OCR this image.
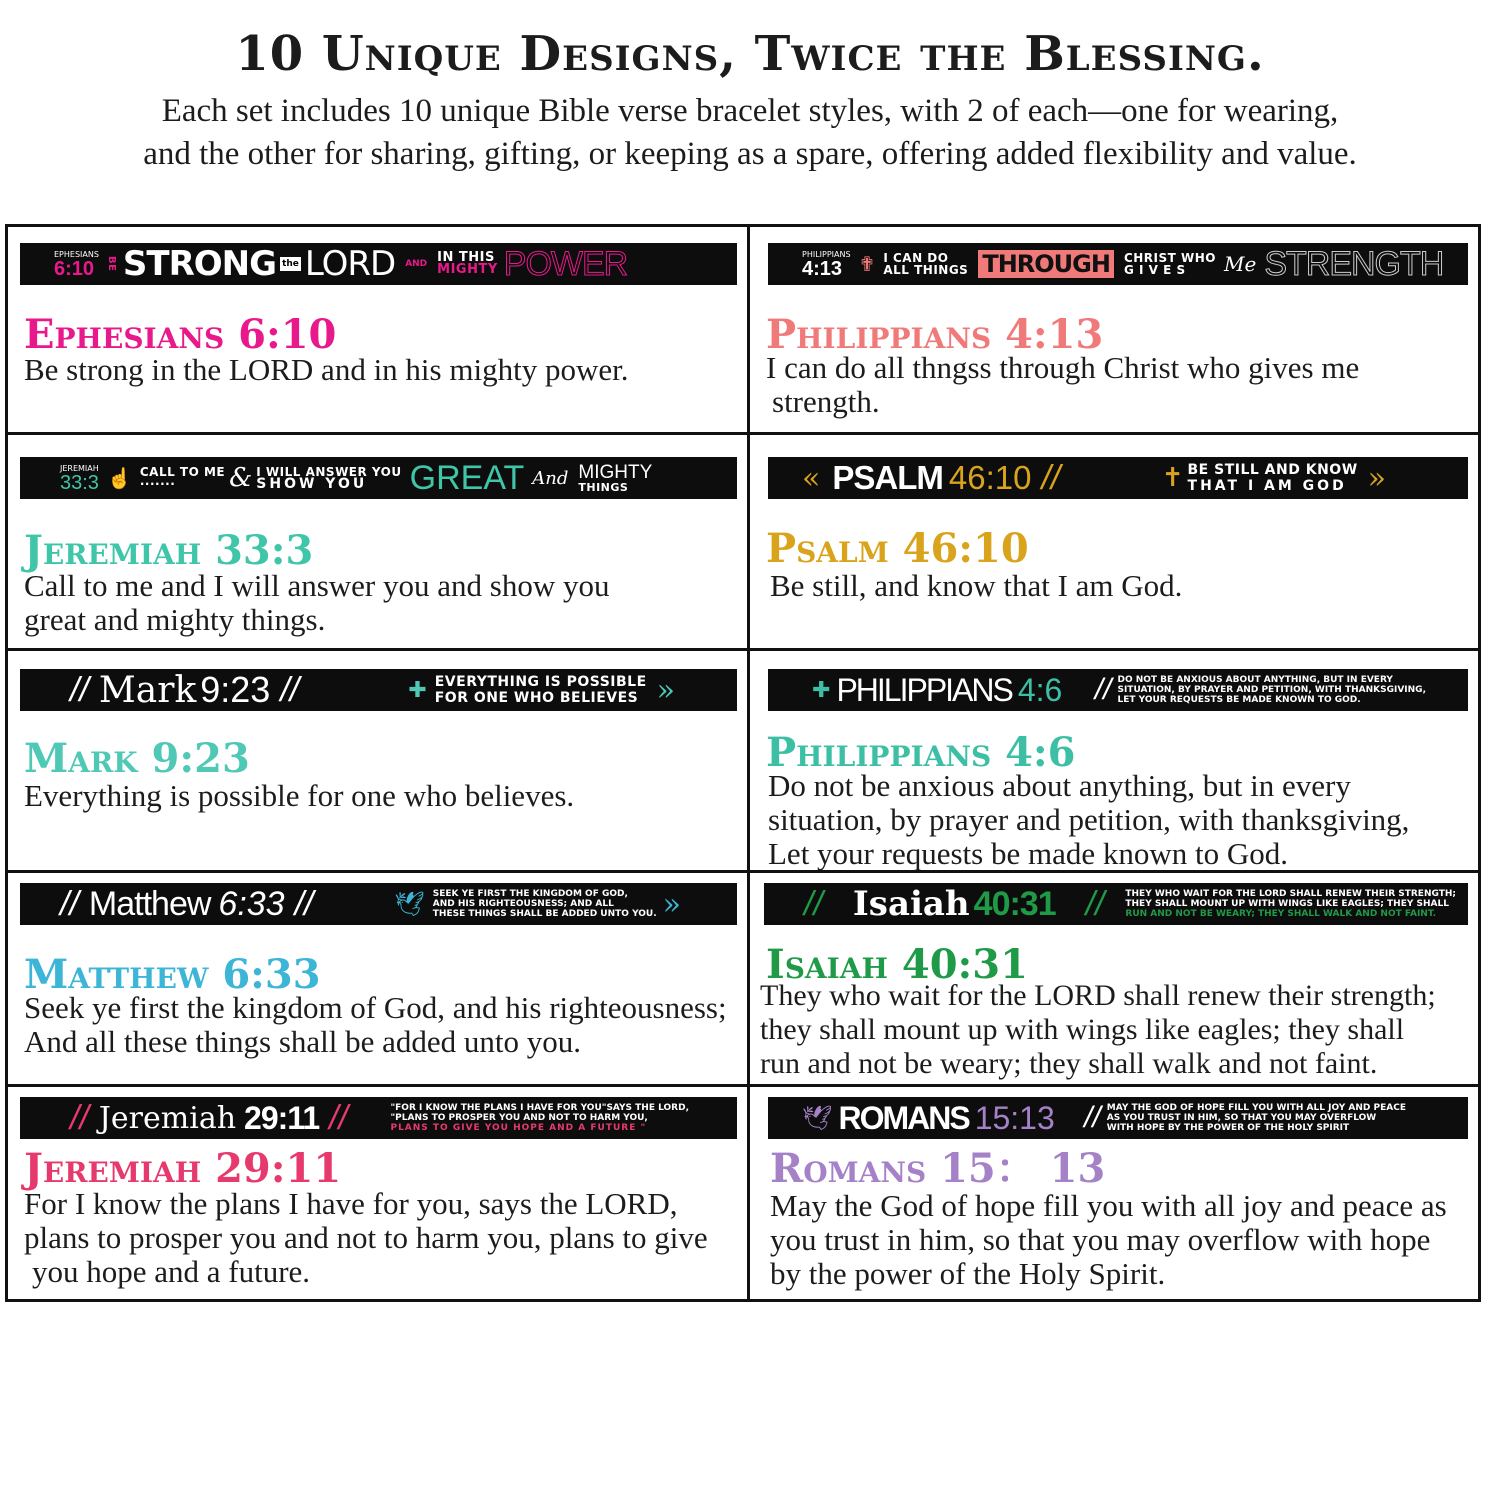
10 Unique Designs, Twice the Blessing.
Each set includes 10 unique Bible verse bracelet styles, with 2 of each—one for wearing,
and the other for sharing, gifting, or keeping as a spare, offering added flexibility and value.
EPHESIANS
6:10	BE STRONG the LORD AND IN THIS
MIGHTY POWER
Ephesians 6:10
Be strong in the LORD and in his mighty power.
PHILIPPIANS
4:13 ✟ I CAN DO
ALL THINGS THROUGH	CHRIST WHO
G I V E S	Me STRENGTH
Philippians 4:13
I can do all thngss through Christ who gives me
strength.
JEREMIAH
33:3 ☝ CALL TO ME
·······	& I WILL ANSWER YOU
SHOW YOU	GREAT And MIGHTY
THINGS
Jeremiah 33:3
Call to me and I will answer you and show you
great and mighty things.
« PSALM 46:10 //	✝ BE STILL AND KNOW
THAT I AM GOD »
Psalm 46:10
Be still, and know that I am God.
// Mark 9:23 //	✚ EVERYTHING IS POSSIBLE
FOR ONE WHO BELIEVES »
Mark 9:23
Everything is possible for one who believes.
✚ PHILIPPIANS 4:6 // DO NOT BE ANXIOUS ABOUT ANYTHING, BUT IN EVERY
SITUATION, BY PRAYER AND PETITION, WITH THANKSGIVING,
LET YOUR REQUESTS BE MADE KNOWN TO GOD.
Philippians 4:6
Do not be anxious about anything, but in every
situation, by prayer and petition, with thanksgiving,
Let your requests be made known to God.
// Matthew 6:33 //	🕊 SEEK YE FIRST THE KINGDOM OF GOD,
AND HIS RIGHTEOUSNESS; AND ALL
THESE THINGS SHALL BE ADDED UNTO YOU. »
Matthew 6:33
Seek ye first the kingdom of God, and his righteousness;
And all these things shall be added unto you.
// Isaiah 40:31 // THEY WHO WAIT FOR THE LORD SHALL RENEW THEIR STRENGTH;
THEY SHALL MOUNT UP WITH WINGS LIKE EAGLES; THEY SHALL
RUN AND NOT BE WEARY; THEY SHALL WALK AND NOT FAINT.
Isaiah 40:31
They who wait for the LORD shall renew their strength;
they shall mount up with wings like eagles; they shall
run and not be weary; they shall walk and not faint.
// Jeremiah 29:11 //	"FOR I KNOW THE PLANS I HAVE FOR YOU"SAYS THE LORD,
"PLANS TO PROSPER YOU AND NOT TO HARM YOU,
PLANS TO GIVE YOU HOPE AND A FUTURE "
Jeremiah 29:11
For I know the plans I have for you, says the LORD,
plans to prosper you and not to harm you, plans to give
you hope and a future.
🕊 ROMANS 15:13 // MAY THE GOD OF HOPE FILL YOU WITH ALL JOY AND PEACE
AS YOU TRUST IN HIM, SO THAT YOU MAY OVERFLOW
WITH HOPE BY THE POWER OF THE HOLY SPIRIT
Romans 15： 13
May the God of hope fill you with all joy and peace as
you trust in him, so that you may overflow with hope
by the power of the Holy Spirit.
